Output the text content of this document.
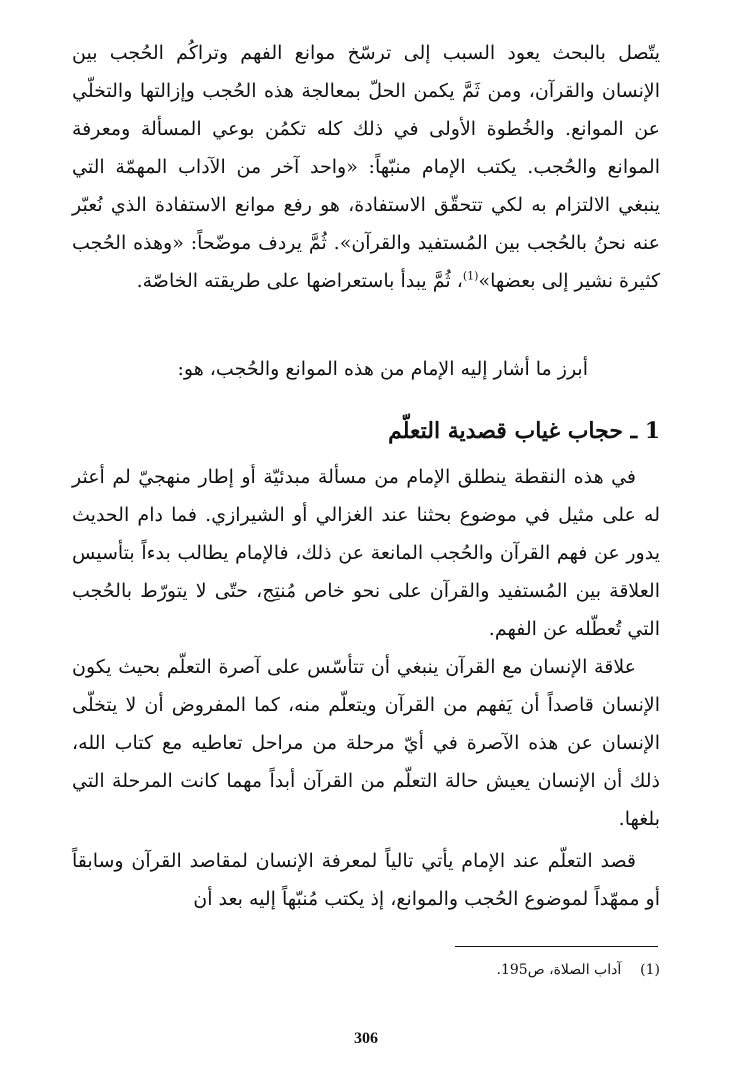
يتّصل بالبحث يعود السبب إلى ترسّخ موانع الفهم وتراكُم الحُجب بين الإنسان والقرآن، ومن ثَمَّ يكمن الحلّ بمعالجة هذه الحُجب وإزالتها والتخلّي عن الموانع. والخُطوة الأولى في ذلك كله تكمُن بوعي المسألة ومعرفة الموانع والحُجب. يكتب الإمام منبّهاً: «واحد آخر من الآداب المهمّة التي ينبغي الالتزام به لكي تتحقّق الاستفادة، هو رفع موانع الاستفادة الذي نُعبّر عنه نحنُ بالحُجب بين المُستفيد والقرآن». ثُمَّ يردف موضّحاً: «وهذه الحُجب كثيرة نشير إلى بعضها»$^{(1)}$، ثُمَّ يبدأ باستعراضها على طريقته الخاصّة.

أبرز ما أشار إليه الإمام من هذه الموانع والحُجب، هو:

1 ـ حجاب غياب قصدية التعلّم

في هذه النقطة ينطلق الإمام من مسألة مبدئيّة أو إطار منهجيّ لم أعثر له على مثيل في موضوع بحثنا عند الغزالي أو الشيرازي. فما دام الحديث يدور عن فهم القرآن والحُجب المانعة عن ذلك، فالإمام يطالب بدءاً بتأسيس العلاقة بين المُستفيد والقرآن على نحو خاص مُنتِج، حتّى لا يتورّط بالحُجب التي تُعطّله عن الفهم.

علاقة الإنسان مع القرآن ينبغي أن تتأسّس على آصرة التعلّم بحيث يكون الإنسان قاصداً أن يَفهم من القرآن ويتعلّم منه، كما المفروض أن لا يتخلّى الإنسان عن هذه الآصرة في أيّ مرحلة من مراحل تعاطيه مع كتاب الله، ذلك أن الإنسان يعيش حالة التعلّم من القرآن أبداً مهما كانت المرحلة التي بلغها.

قصد التعلّم عند الإمام يأتي تالياً لمعرفة الإنسان لمقاصد القرآن وسابقاً أو ممهّداً لموضوع الحُجب والموانع، إذ يكتب مُنبّهاً إليه بعد أن

(1)  آداب الصلاة، ص195.
306
